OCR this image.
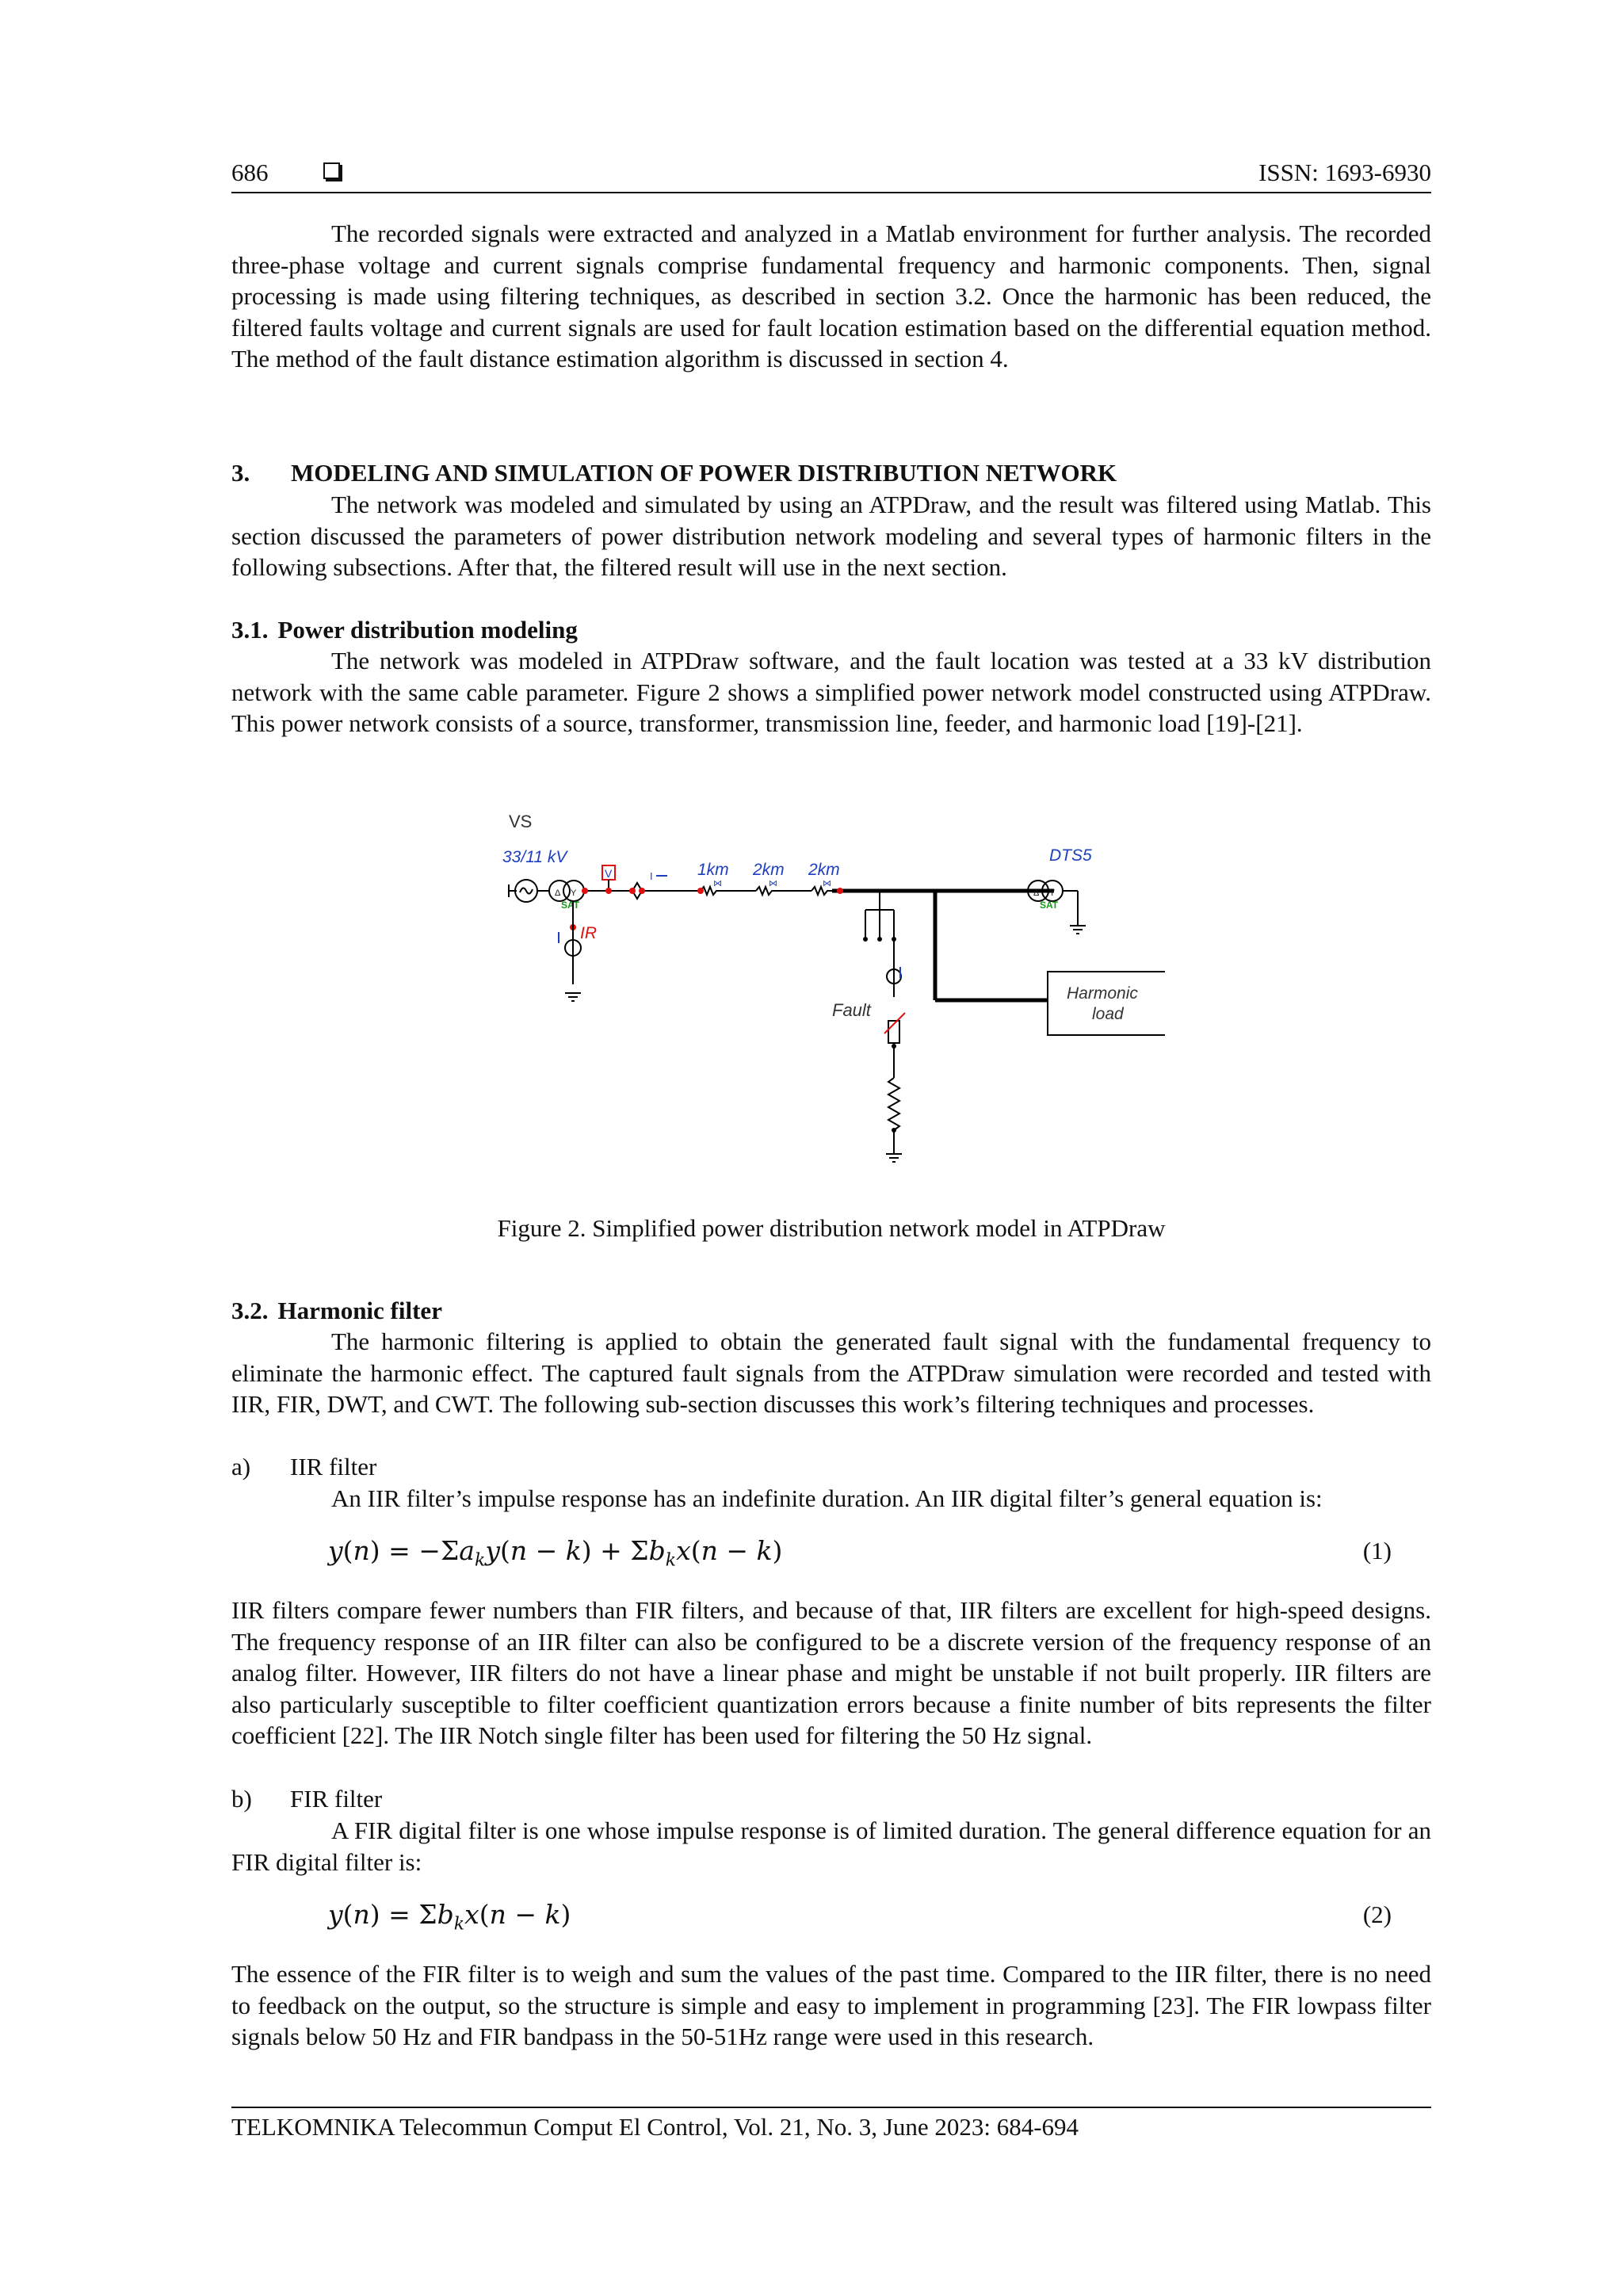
686	ISSN: 1693-6930
The recorded signals were extracted and analyzed in a Matlab environment for further analysis. The recorded three-phase voltage and current signals comprise fundamental frequency and harmonic components. Then, signal processing is made using filtering techniques, as described in section 3.2. Once the harmonic has been reduced, the filtered faults voltage and current signals are used for fault location estimation based on the differential equation method. The method of the fault distance estimation algorithm is discussed in section 4.
3. MODELING AND SIMULATION OF POWER DISTRIBUTION NETWORK
The network was modeled and simulated by using an ATPDraw, and the result was filtered using Matlab. This section discussed the parameters of power distribution network modeling and several types of harmonic filters in the following subsections. After that, the filtered result will use in the next section.
3.1. Power distribution modeling
The network was modeled in ATPDraw software, and the fault location was tested at a 33 kV distribution network with the same cable parameter. Figure 2 shows a simplified power network model constructed using ATPDraw. This power network consists of a source, transformer, transmission line, feeder, and harmonic load [19]-[21].
VS
33/11 kV
Δ Y
SAT
V	I	1km 2km 2km
⋈	⋈	⋈
IR
Fault
Harmonic
load
Δ Y
SAT
DTS5
Figure 2. Simplified power distribution network model in ATPDraw
3.2. Harmonic filter
The harmonic filtering is applied to obtain the generated fault signal with the fundamental frequency to eliminate the harmonic effect. The captured fault signals from the ATPDraw simulation were recorded and tested with IIR, FIR, DWT, and CWT. The following sub-section discusses this work’s filtering techniques and processes.
a) IIR filter
An IIR filter’s impulse response has an indefinite duration. An IIR digital filter’s general equation is:
$y(n) = -\Sigma a_ky(n - k) + \Sigma b_kx(n - k)$	(1)
IIR filters compare fewer numbers than FIR filters, and because of that, IIR filters are excellent for high-speed designs. The frequency response of an IIR filter can also be configured to be a discrete version of the frequency response of an analog filter. However, IIR filters do not have a linear phase and might be unstable if not built properly. IIR filters are also particularly susceptible to filter coefficient quantization errors because a finite number of bits represents the filter coefficient [22]. The IIR Notch single filter has been used for filtering the 50 Hz signal.
b) FIR filter
A FIR digital filter is one whose impulse response is of limited duration. The general difference equation for an FIR digital filter is:
$y(n) = \Sigma b_kx(n - k)$	(2)
The essence of the FIR filter is to weigh and sum the values of the past time. Compared to the IIR filter, there is no need to feedback on the output, so the structure is simple and easy to implement in programming [23]. The FIR lowpass filter signals below 50 Hz and FIR bandpass in the 50-51Hz range were used in this research.
TELKOMNIKA Telecommun Comput El Control, Vol. 21, No. 3, June 2023: 684-694
